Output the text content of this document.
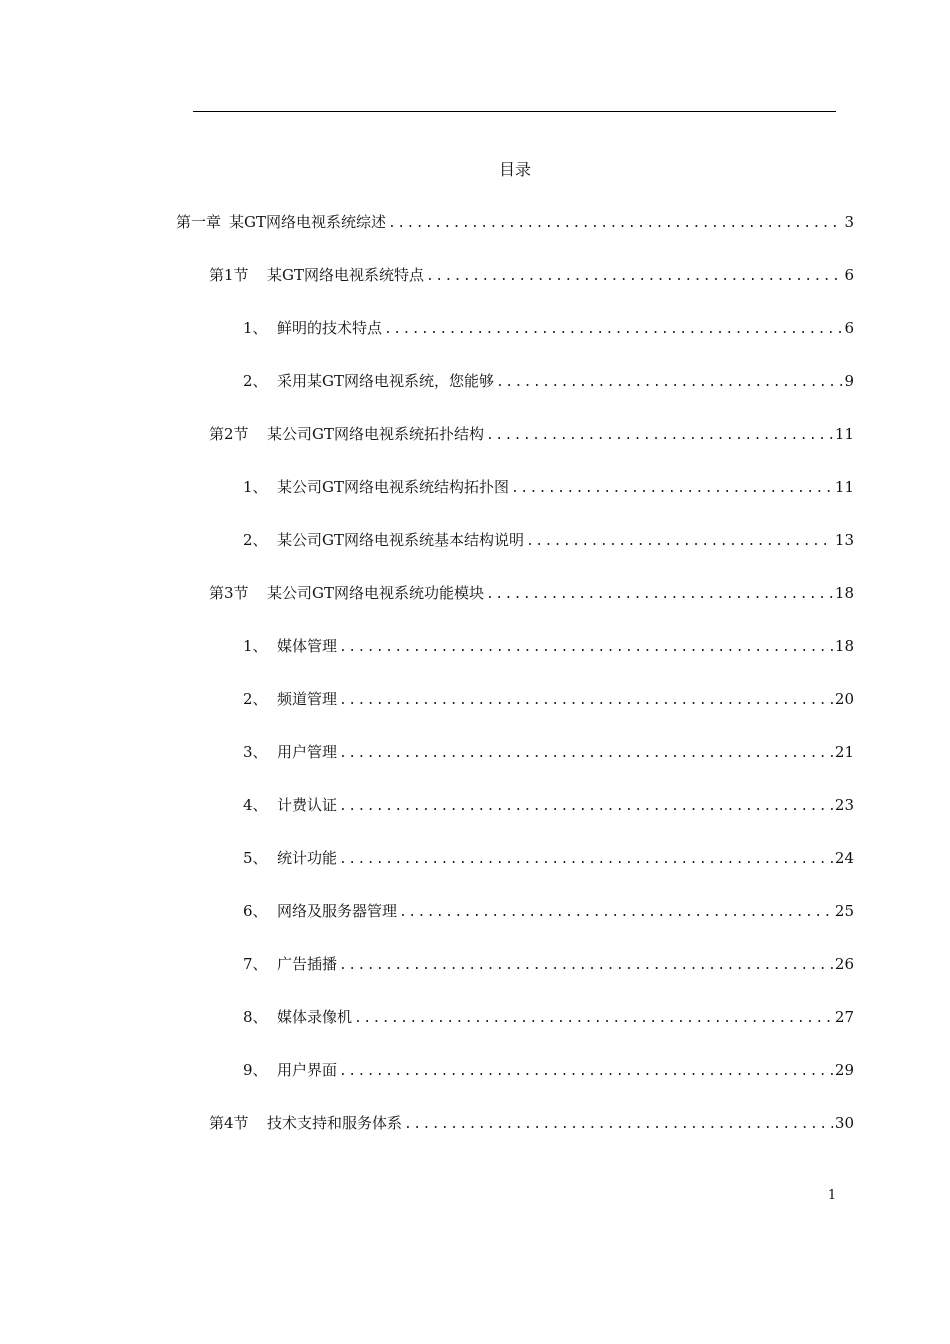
目录
第一章 某GT网络电视系统综述 .....	3
第1节	某GT网络电视系统特点 .....	6
1、 鲜明的技术特点 .....	6
2、 采用某GT网络电视系统，您能够 .....	9
第2节	某公司GT网络电视系统拓扑结构 .....	11
1、 某公司GT网络电视系统结构拓扑图 .....	11
2、 某公司GT网络电视系统基本结构说明 .....	13
第3节	某公司GT网络电视系统功能模块 .....	18
1、 媒体管理 .....	18
2、 频道管理 .....	20
3、 用户管理 .....	21
4、 计费认证 .....	23
5、 统计功能 .....	24
6、 网络及服务器管理 .....	25
7、 广告插播 .....	26
8、 媒体录像机 .....	27
9、 用户界面 .....	29
第4节	技术支持和服务体系 .....	30
1
